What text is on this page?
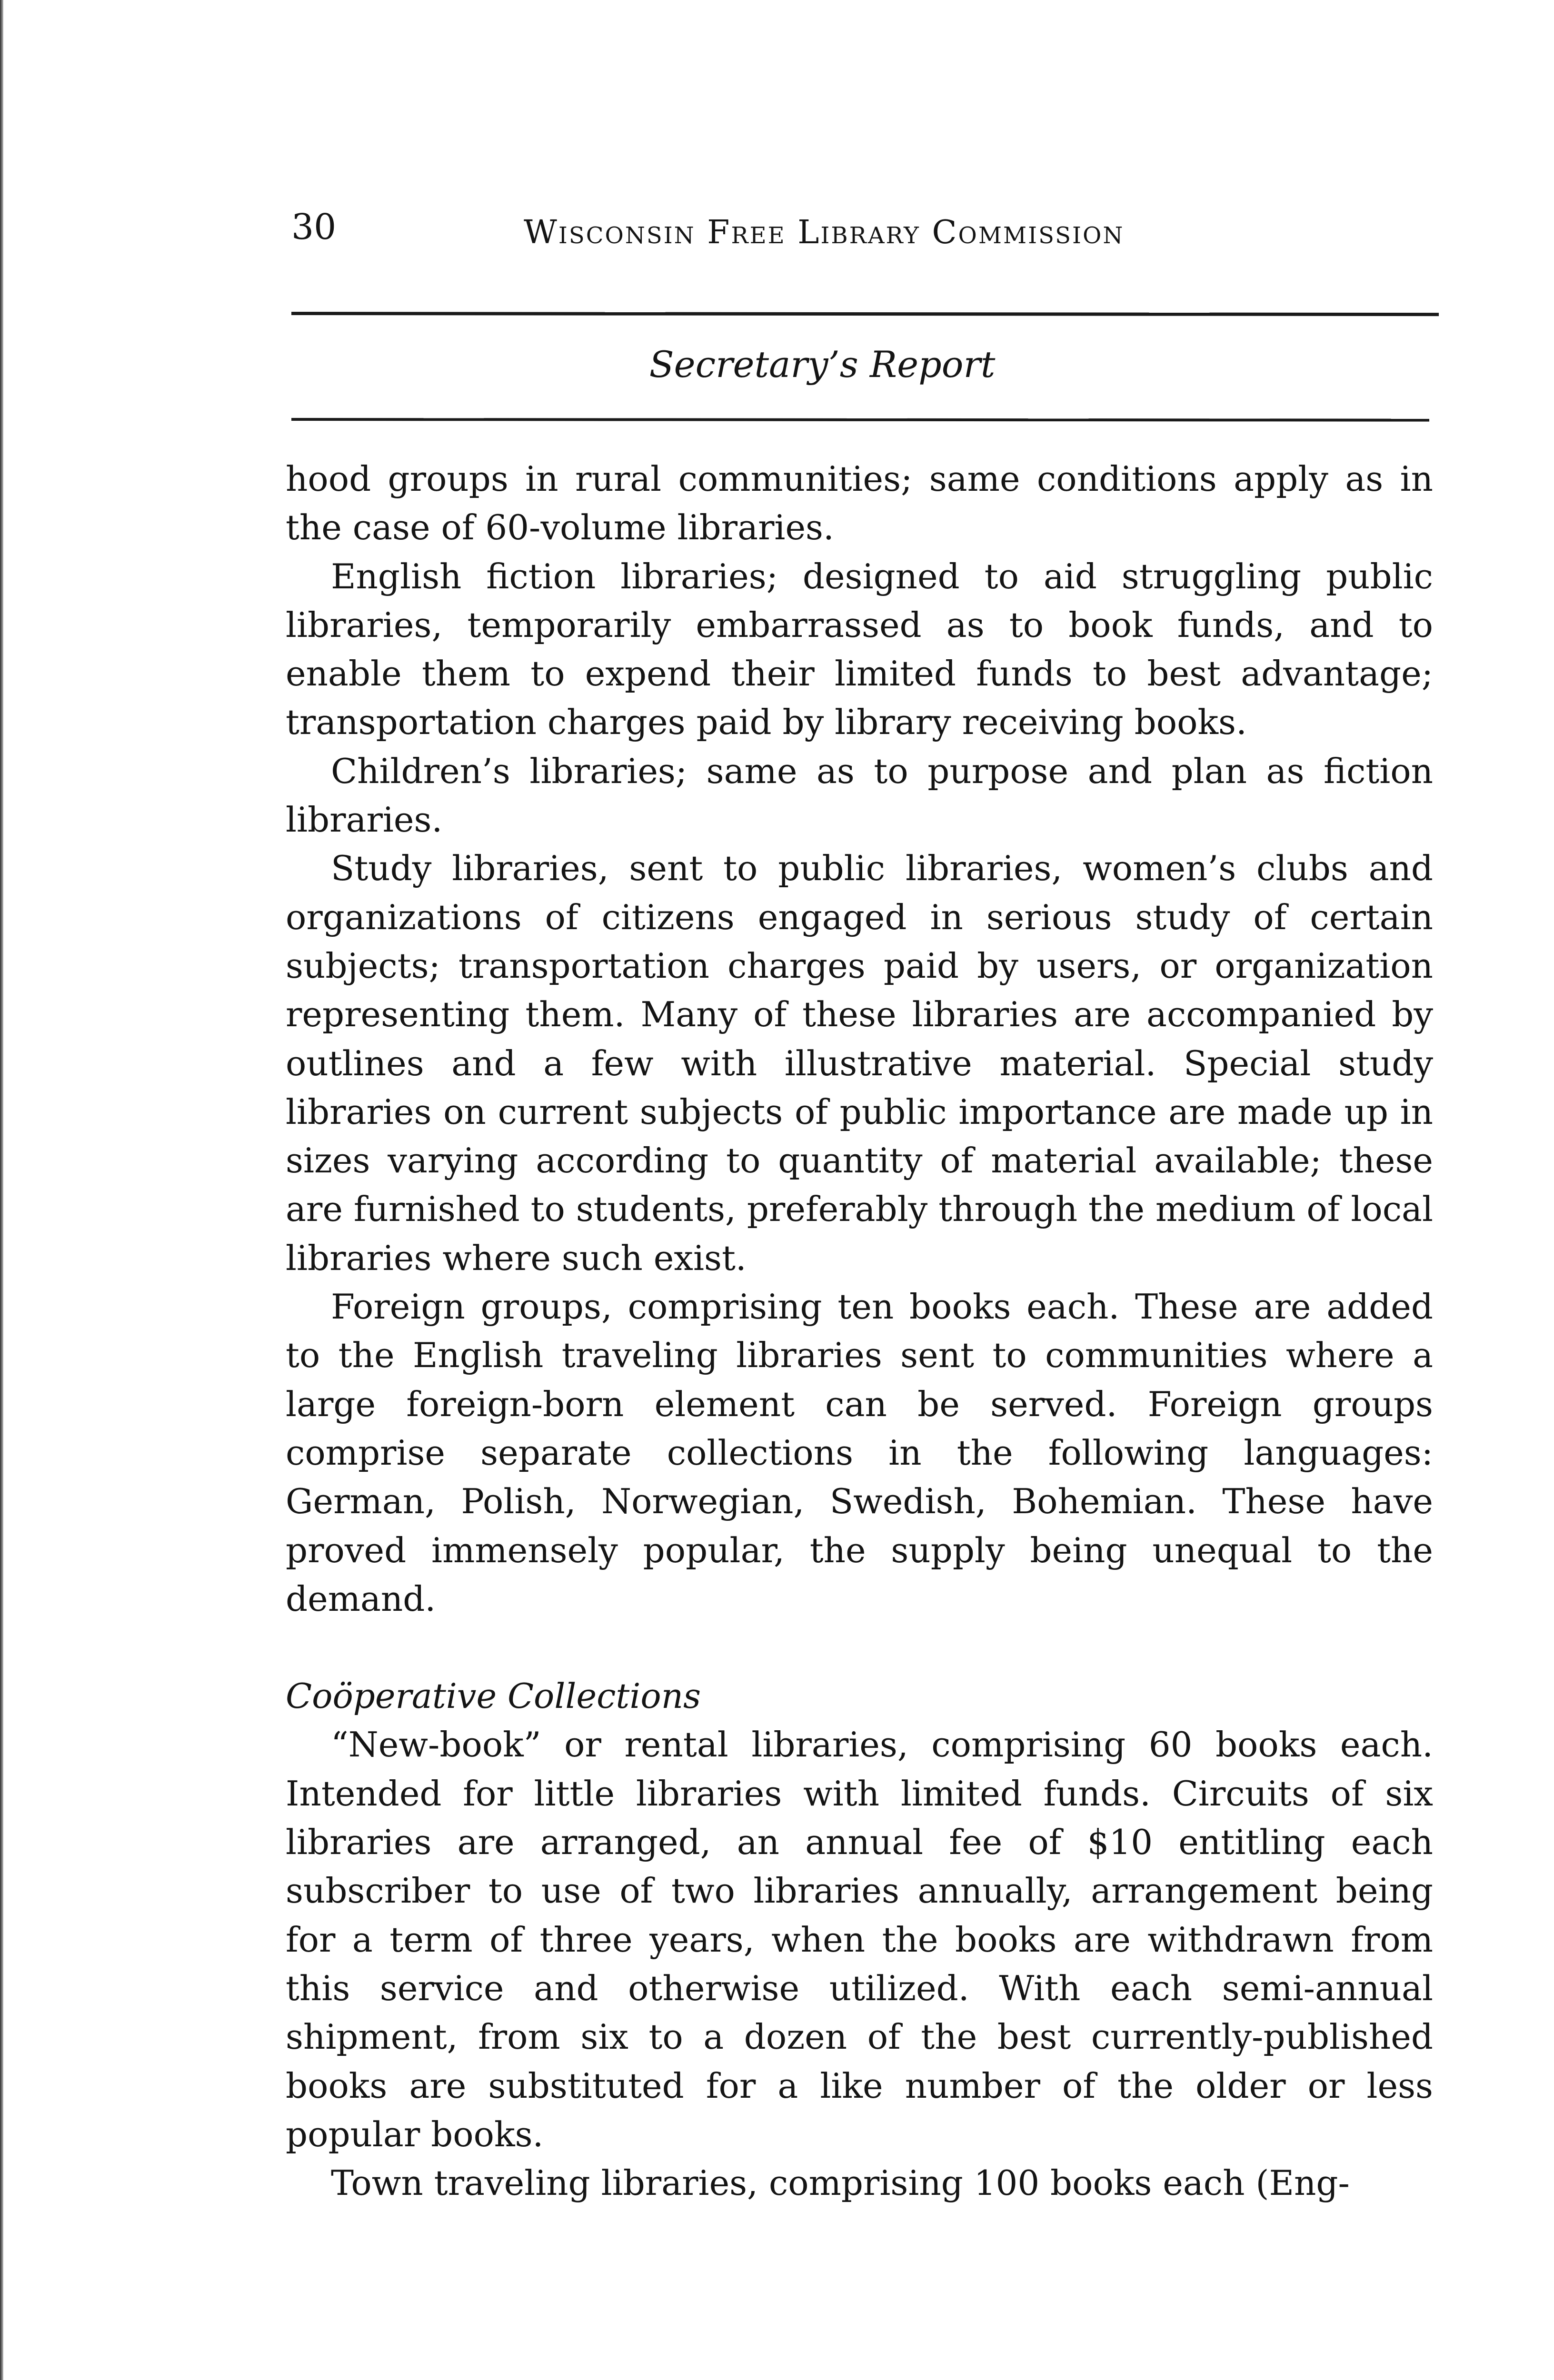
30	Wisconsin Free Library Commission
Secretary’s Report

hood groups in rural communities; same conditions apply as in the case of 60-volume libraries.

English fiction libraries; designed to aid struggling public libraries, temporarily embarrassed as to book funds, and to enable them to expend their limited funds to best advantage; transportation charges paid by library receiving books.

Children’s libraries; same as to purpose and plan as fiction libraries.

Study libraries, sent to public libraries, women’s clubs and organizations of citizens engaged in serious study of certain subjects; transportation charges paid by users, or organization representing them. Many of these libraries are accompanied by outlines and a few with illustrative material. Special study libraries on current subjects of public importance are made up in sizes varying according to quantity of material available; these are furnished to students, preferably through the medium of local libraries where such exist.

Foreign groups, comprising ten books each. These are added to the English traveling libraries sent to communities where a large foreign-born element can be served. Foreign groups comprise separate collections in the following languages: German, Polish, Norwegian, Swedish, Bohemian. These have proved immensely popular, the supply being unequal to the demand.

Coöperative Collections

“New-book” or rental libraries, comprising 60 books each. Intended for little libraries with limited funds. Circuits of six libraries are arranged, an annual fee of $10 entitling each subscriber to use of two libraries annually, arrangement being for a term of three years, when the books are withdrawn from this service and otherwise utilized. With each semi-annual shipment, from six to a dozen of the best currently-published books are substituted for a like number of the older or less popular books.

Town traveling libraries, comprising 100 books each (Eng-
